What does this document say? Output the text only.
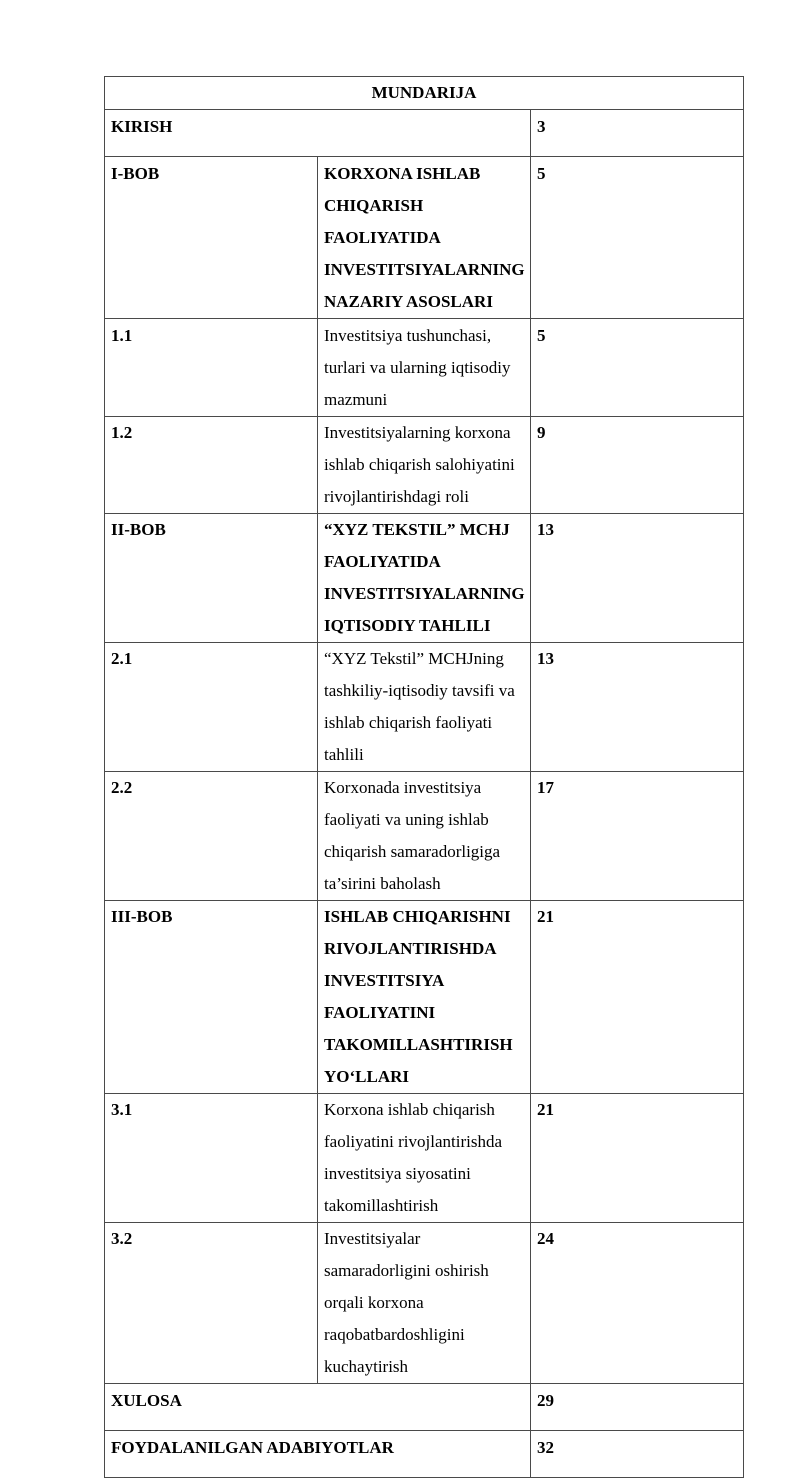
MUNDARIJA		
KIRISH		3
I-BOB	KORXONA ISHLAB CHIQARISH FAOLIYATIDA INVESTITSIYALARNING NAZARIY ASOSLARI	5
1.1	Investitsiya tushunchasi, turlari va ularning iqtisodiy mazmuni	5
1.2	Investitsiyalarning korxona ishlab chiqarish salohiyatini rivojlantirishdagi roli	9
II-BOB	“XYZ TEKSTIL” MCHJ FAOLIYATIDA INVESTITSIYALARNING IQTISODIY TAHLILI	13
2.1	“XYZ Tekstil” MCHJning tashkiliy-iqtisodiy tavsifi va ishlab chiqarish faoliyati tahlili	13
2.2	Korxonada investitsiya faoliyati va uning ishlab chiqarish samaradorligiga ta’sirini baholash	17
III-BOB	ISHLAB CHIQARISHNI RIVOJLANTIRISHDA INVESTITSIYA FAOLIYATINI TAKOMILLASHTIRISH YO‘LLARI	21
3.1	Korxona ishlab chiqarish faoliyatini rivojlantirishda investitsiya siyosatini takomillashtirish	21
3.2	Investitsiyalar samaradorligini oshirish orqali korxona raqobatbardoshligini kuchaytirish	24
XULOSA		29
FOYDALANILGAN ADABIYOTLAR		32
